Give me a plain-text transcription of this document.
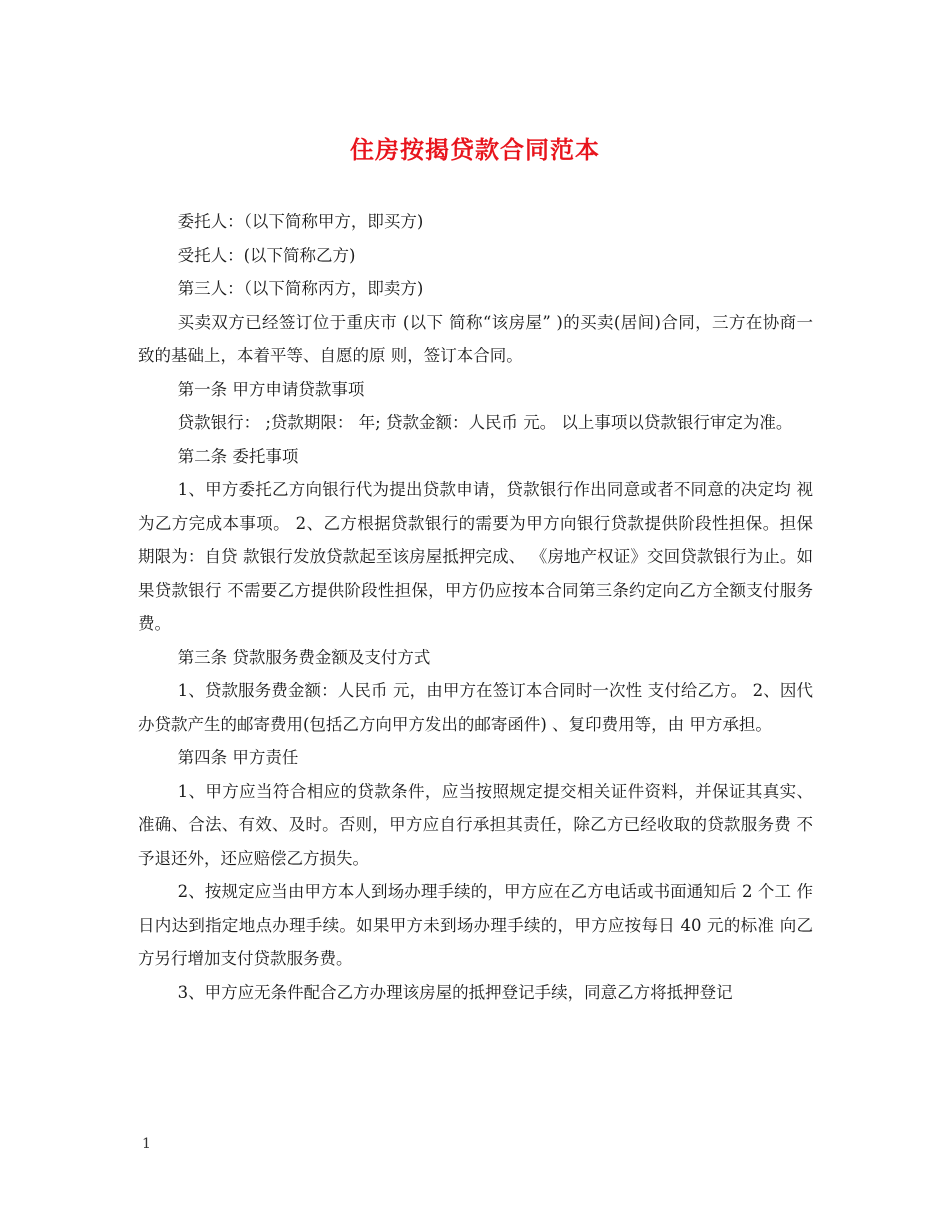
住房按揭贷款合同范本

委托人：（以下简称甲方，即买方)

受托人：(以下简称乙方)

第三人：（以下简称丙方，即卖方)

买卖双方已经签订位于重庆市 (以下 简称“该房屋” )的买卖(居间)合同，三方在协商一致的基础上，本着平等、自愿的原 则，签订本合同。

第一条 甲方申请贷款事项

贷款银行： ;贷款期限： 年; 贷款金额：人民币 元。 以上事项以贷款银行审定为准。

第二条 委托事项

1、甲方委托乙方向银行代为提出贷款申请，贷款银行作出同意或者不同意的决定均 视为乙方完成本事项。 2、乙方根据贷款银行的需要为甲方向银行贷款提供阶段性担保。担保期限为：自贷 款银行发放贷款起至该房屋抵押完成、 《房地产权证》交回贷款银行为止。如果贷款银行 不需要乙方提供阶段性担保，甲方仍应按本合同第三条约定向乙方全额支付服务费。

第三条 贷款服务费金额及支付方式

1、贷款服务费金额：人民币 元，由甲方在签订本合同时一次性 支付给乙方。 2、因代办贷款产生的邮寄费用(包括乙方向甲方发出的邮寄函件) 、复印费用等，由 甲方承担。

第四条 甲方责任

1、甲方应当符合相应的贷款条件，应当按照规定提交相关证件资料，并保证其真实、 准确、合法、有效、及时。否则，甲方应自行承担其责任，除乙方已经收取的贷款服务费 不予退还外，还应赔偿乙方损失。

2、按规定应当由甲方本人到场办理手续的，甲方应在乙方电话或书面通知后 2 个工 作日内达到指定地点办理手续。如果甲方未到场办理手续的，甲方应按每日 40 元的标准 向乙方另行增加支付贷款服务费。

3、甲方应无条件配合乙方办理该房屋的抵押登记手续，同意乙方将抵押登记

1
